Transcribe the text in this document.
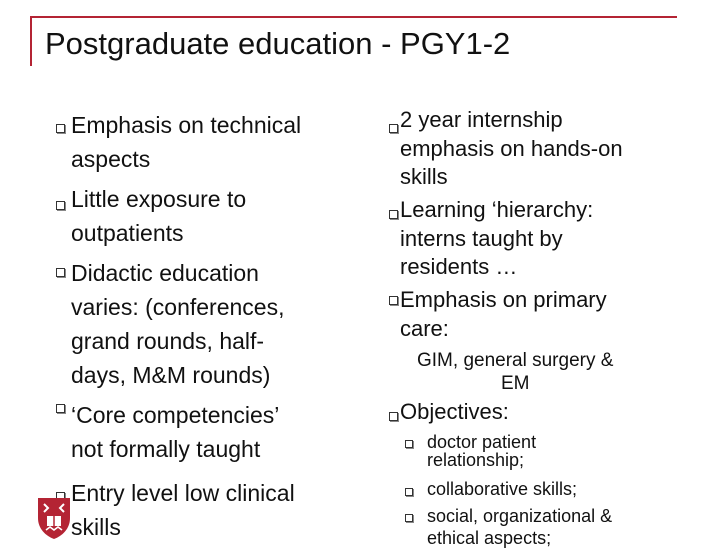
Postgraduate education - PGY1-2
Emphasis on technical
aspects
Little exposure to
outpatients
Didactic education
varies: (conferences,
grand rounds, half-
days, M&M rounds)
‘Core competencies’
not formally taught
Entry level low clinical
skills
2 year internship
emphasis on hands-on
skills
Learning ‘hierarchy:
interns taught by
residents …
Emphasis on primary
care:
GIM, general surgery &
EM
Objectives:
doctor patient
relationship;
collaborative skills;
social, organizational &
ethical aspects;
